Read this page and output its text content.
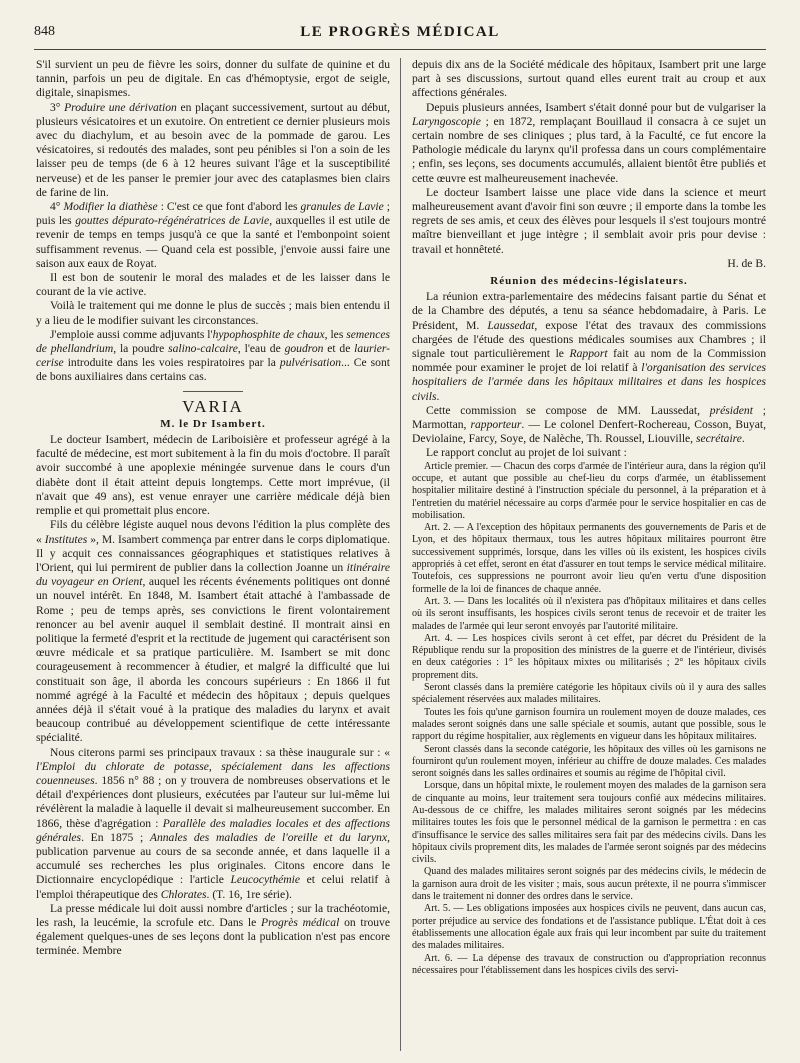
848	LE PROGRÈS MÉDICAL

S'il survient un peu de fièvre les soirs, donner du sulfate de quinine et du tannin, parfois un peu de digitale. En cas d'hémoptysie, ergot de seigle, digitale, sinapismes.

3° Produire une dérivation en plaçant successivement, surtout au début, plusieurs vésicatoires et un exutoire. On entretient ce dernier plusieurs mois avec du diachylum, et au besoin avec de la pommade de garou. Les vésicatoires, si redoutés des malades, sont peu pénibles si l'on a soin de les laisser peu de temps (de 6 à 12 heures suivant l'âge et la susceptibilité nerveuse) et de les panser le premier jour avec des cataplasmes bien clairs de farine de lin.

4° Modifier la diathèse : C'est ce que font d'abord les granules de Lavie ; puis les gouttes dépurato-régénératrices de Lavie, auxquelles il est utile de revenir de temps en temps jusqu'à ce que la santé et l'embonpoint soient suffisamment revenus. — Quand cela est possible, j'envoie aussi faire une saison aux eaux de Royat.

Il est bon de soutenir le moral des malades et de les laisser dans le courant de la vie active.

Voilà le traitement qui me donne le plus de succès ; mais bien entendu il y a lieu de le modifier suivant les circonstances.

J'emploie aussi comme adjuvants l'hypophosphite de chaux, les semences de phellandrium, la poudre salino-calcaire, l'eau de goudron et de laurier-cerise introduite dans les voies respiratoires par la pulvérisation... Ce sont de bons auxiliaires dans certains cas.

VARIA
M. le Dr Isambert.

Le docteur Isambert, médecin de Lariboisière et professeur agrégé à la faculté de médecine, est mort subitement à la fin du mois d'octobre. Il paraît avoir succombé à une apoplexie méningée survenue dans le cours d'un diabète dont il était atteint depuis longtemps. Cette mort imprévue, (il n'avait que 49 ans), est venue enrayer une carrière médicale déjà bien remplie et qui promettait plus encore.

Fils du célèbre légiste auquel nous devons l'édition la plus complète des « Institutes », M. Isambert commença par entrer dans le corps diplomatique. Il y acquit ces connaissances géographiques et statistiques relatives à l'Orient, qui lui permirent de publier dans la collection Joanne un itinéraire du voyageur en Orient, auquel les récents événements politiques ont donné un nouvel intérêt. En 1848, M. Isambert était attaché à l'ambassade de Rome ; peu de temps après, ses convictions le firent volontairement renoncer au bel avenir auquel il semblait destiné. Il montrait ainsi en politique la fermeté d'esprit et la rectitude de jugement qui caractérisent son œuvre médicale et sa pratique particulière. M. Isambert se mit donc courageusement à recommencer à étudier, et malgré la difficulté que lui constituait son âge, il aborda les concours supérieurs : En 1866 il fut nommé agrégé à la Faculté et médecin des hôpitaux ; depuis quelques années déjà il s'était voué à la pratique des maladies du larynx et avait beaucoup contribué au développement scientifique de cette intéressante spécialité.

Nous citerons parmi ses principaux travaux : sa thèse inaugurale sur : « l'Emploi du chlorate de potasse, spécialement dans les affections couenneuses. 1856 n° 88 ; on y trouvera de nombreuses observations et le détail d'expériences dont plusieurs, exécutées par l'auteur sur lui-même lui révélèrent la maladie à laquelle il devait si malheureusement succomber. En 1866, thèse d'agrégation : Parallèle des maladies locales et des affections générales. En 1875 ; Annales des maladies de l'oreille et du larynx, publication parvenue au cours de sa seconde année, et dans laquelle il a accumulé ses recherches les plus originales. Citons encore dans le Dictionnaire encyclopédique : l'article Leucocythémie et celui relatif à l'emploi thérapeutique des Chlorates. (T. 16, 1re série).

La presse médicale lui doit aussi nombre d'articles ; sur la trachéotomie, les rash, la leucémie, la scrofule etc. Dans le Progrès médical on trouve également quelques-unes de ses leçons dont la publication n'est pas encore terminée. Membre

depuis dix ans de la Société médicale des hôpitaux, Isambert prit une large part à ses discussions, surtout quand elles eurent trait au croup et aux affections générales.

Depuis plusieurs années, Isambert s'était donné pour but de vulgariser la Laryngoscopie ; en 1872, remplaçant Bouillaud il consacra à ce sujet un certain nombre de ses cliniques ; plus tard, à la Faculté, ce fut encore la Pathologie médicale du larynx qu'il professa dans un cours complémentaire ; enfin, ses leçons, ses documents accumulés, allaient bientôt être publiés et cette œuvre est malheureusement inachevée.

Le docteur Isambert laisse une place vide dans la science et meurt malheureusement avant d'avoir fini son œuvre ; il emporte dans la tombe les regrets de ses amis, et ceux des élèves pour lesquels il s'est toujours montré maître bienveillant et juge intègre ; il semblait avoir pris pour devise : travail et honnêteté.

H. de B.
Réunion des médecins-législateurs.

La réunion extra-parlementaire des médecins faisant partie du Sénat et de la Chambre des députés, a tenu sa séance hebdomadaire, à Paris. Le Président, M. Laussedat, expose l'état des travaux des commissions chargées de l'étude des questions médicales soumises aux Chambres ; il signale tout particulièrement le Rapport fait au nom de la Commission nommée pour examiner le projet de loi relatif à l'organisation des services hospitaliers de l'armée dans les hôpitaux militaires et dans les hospices civils.

Cette commission se compose de MM. Laussedat, président ; Marmottan, rapporteur. — Le colonel Denfert-Rochereau, Cosson, Buyat, Deviolaine, Farcy, Soye, de Nalèche, Th. Roussel, Liouville, secrétaire.

Le rapport conclut au projet de loi suivant :

Article premier. — Chacun des corps d'armée de l'intérieur aura, dans la région qu'il occupe, et autant que possible au chef-lieu du corps d'armée, un établissement hospitalier militaire destiné à l'instruction spéciale du personnel, à la préparation et à l'entretien du matériel nécessaire au corps d'armée pour le service hospitalier en cas de mobilisation.

Art. 2. — A l'exception des hôpitaux permanents des gouvernements de Paris et de Lyon, et des hôpitaux thermaux, tous les autres hôpitaux militaires pourront être successivement supprimés, lorsque, dans les villes où ils existent, les hospices civils appropriés à cet effet, seront en état d'assurer en tout temps le service médical militaire. Toutefois, ces suppressions ne pourront avoir lieu qu'en vertu d'une disposition formelle de la loi de finances de chaque année.

Art. 3. — Dans les localités où il n'existera pas d'hôpitaux militaires et dans celles où ils seront insuffisants, les hospices civils seront tenus de recevoir et de traiter les malades de l'armée qui leur seront envoyés par l'autorité militaire.

Art. 4. — Les hospices civils seront à cet effet, par décret du Président de la République rendu sur la proposition des ministres de la guerre et de l'intérieur, divisés en deux catégories : 1° les hôpitaux mixtes ou militarisés ; 2° les hôpitaux civils proprement dits.

Seront classés dans la première catégorie les hôpitaux civils où il y aura des salles spécialement réservées aux malades militaires.

Toutes les fois qu'une garnison fournira un roulement moyen de douze malades, ces malades seront soignés dans une salle spéciale et soumis, autant que possible, sous le rapport du régime hospitalier, aux règlements en vigueur dans les hôpitaux militaires.

Seront classés dans la seconde catégorie, les hôpitaux des villes où les garnisons ne fourniront qu'un roulement moyen, inférieur au chiffre de douze malades. Ces malades seront soignés dans les salles ordinaires et soumis au régime de l'hôpital civil.

Lorsque, dans un hôpital mixte, le roulement moyen des malades de la garnison sera de cinquante au moins, leur traitement sera toujours confié aux médecins militaires. Au-dessous de ce chiffre, les malades militaires seront soignés par les médecins militaires toutes les fois que le personnel médical de la garnison le permettra : en cas d'insuffisance le service des salles militaires sera fait par des médecins civils. Dans les hôpitaux civils proprement dits, les malades de l'armée seront soignés par des médecins civils.

Quand des malades militaires seront soignés par des médecins civils, le médecin de la garnison aura droit de les visiter ; mais, sous aucun prétexte, il ne pourra s'immiscer dans le traitement ni donner des ordres dans le service.

Art. 5. — Les obligations imposées aux hospices civils ne peuvent, dans aucun cas, porter préjudice au service des fondations et de l'assistance publique. L'État doit à ces établissements une allocation égale aux frais qui leur incombent par suite du traitement des malades militaires.

Art. 6. — La dépense des travaux de construction ou d'appropriation reconnus nécessaires pour l'établissement dans les hospices civils des servi-
